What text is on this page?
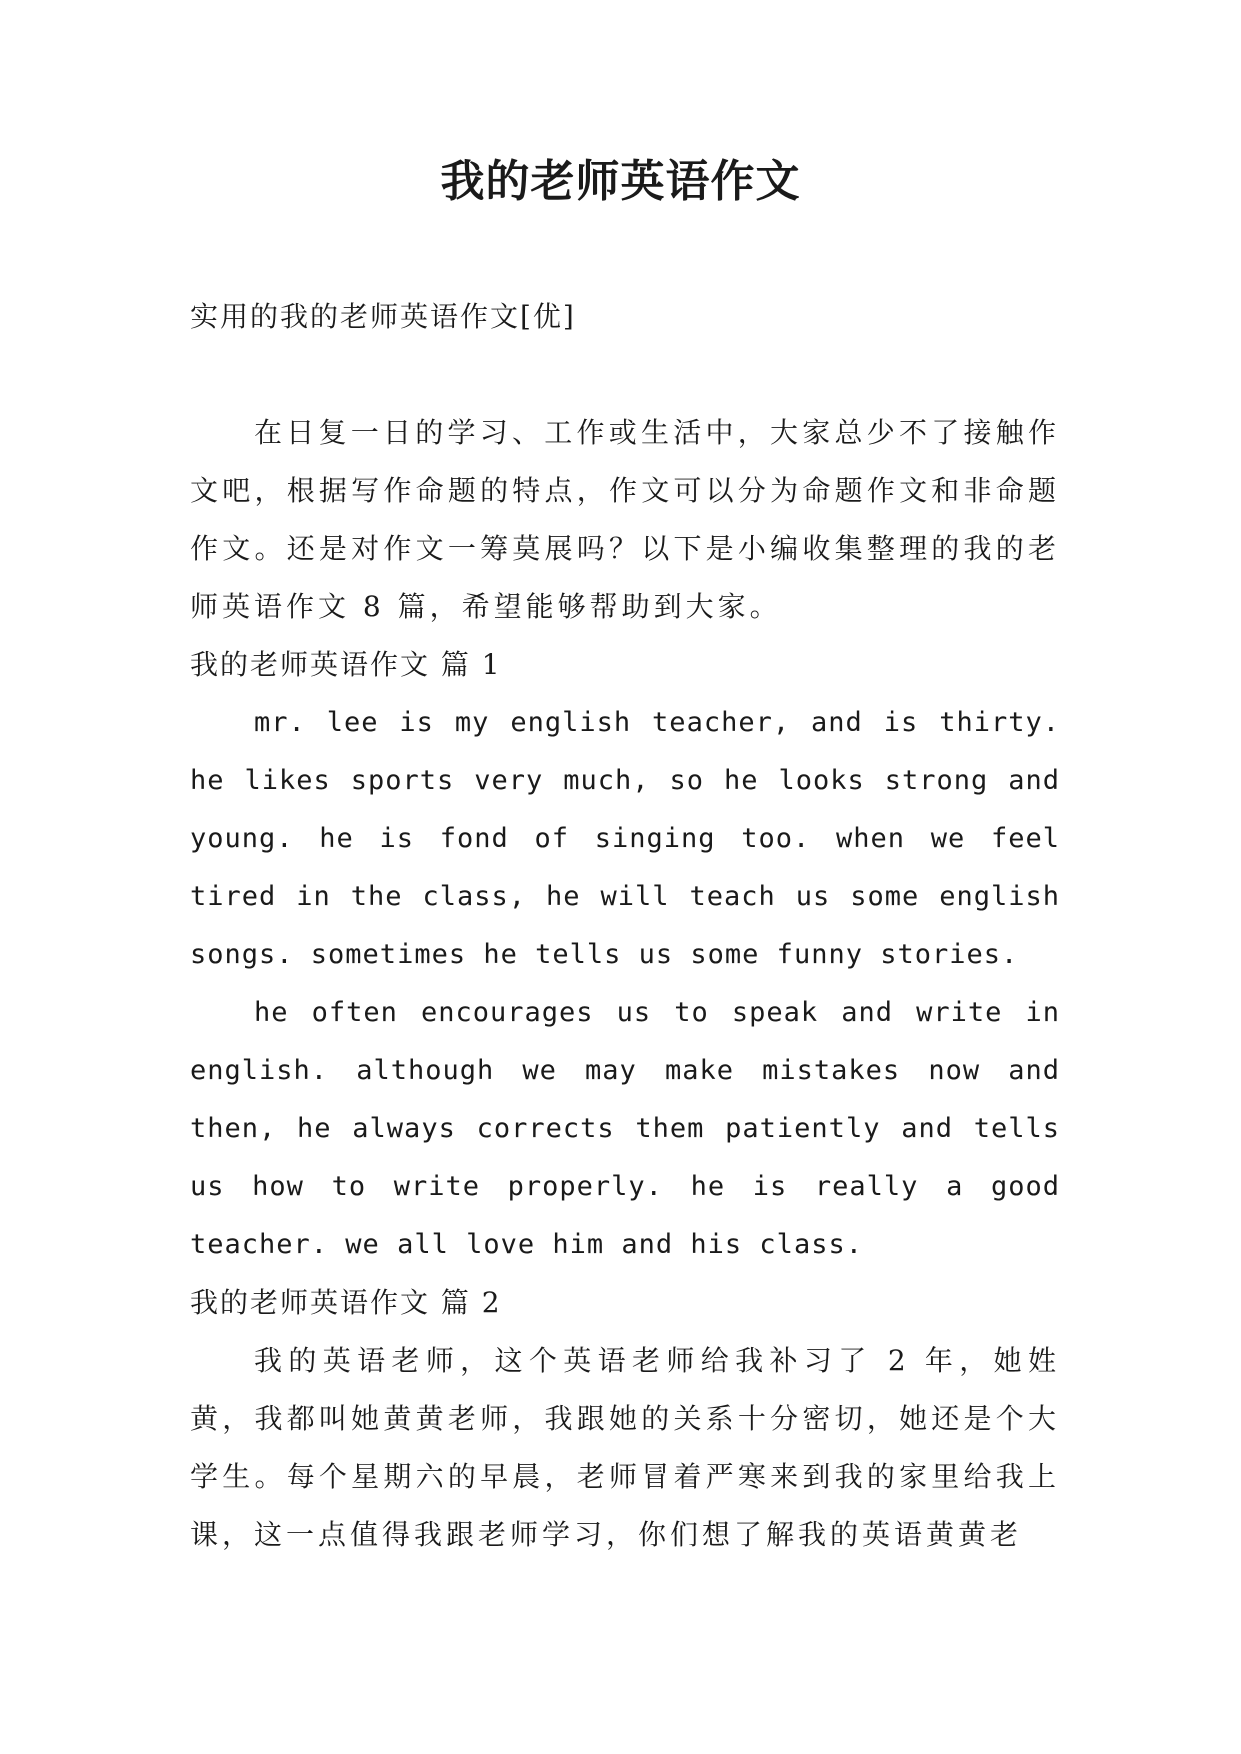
我的老师英语作文

实用的我的老师英语作文[优]

在日复一日的学习、工作或生活中，大家总少不了接触作文吧，根据写作命题的特点，作文可以分为命题作文和非命题作文。还是对作文一筹莫展吗？以下是小编收集整理的我的老师英语作文 8 篇，希望能够帮助到大家。

我的老师英语作文 篇 1

mr. lee is my english teacher, and is thirty. he likes sports very much, so he looks strong and young. he is fond of singing too. when we feel tired in the class, he will teach us some english songs. sometimes he tells us some funny stories.

he often encourages us to speak and write in english. although we may make mistakes now and then, he always corrects them patiently and tells us how to write properly. he is really a good teacher. we all love him and his class.

我的老师英语作文 篇 2

我的英语老师，这个英语老师给我补习了 2 年，她姓黄，我都叫她黄黄老师，我跟她的关系十分密切，她还是个大学生。每个星期六的早晨，老师冒着严寒来到我的家里给我上课，这一点值得我跟老师学习，你们想了解我的英语黄黄老
